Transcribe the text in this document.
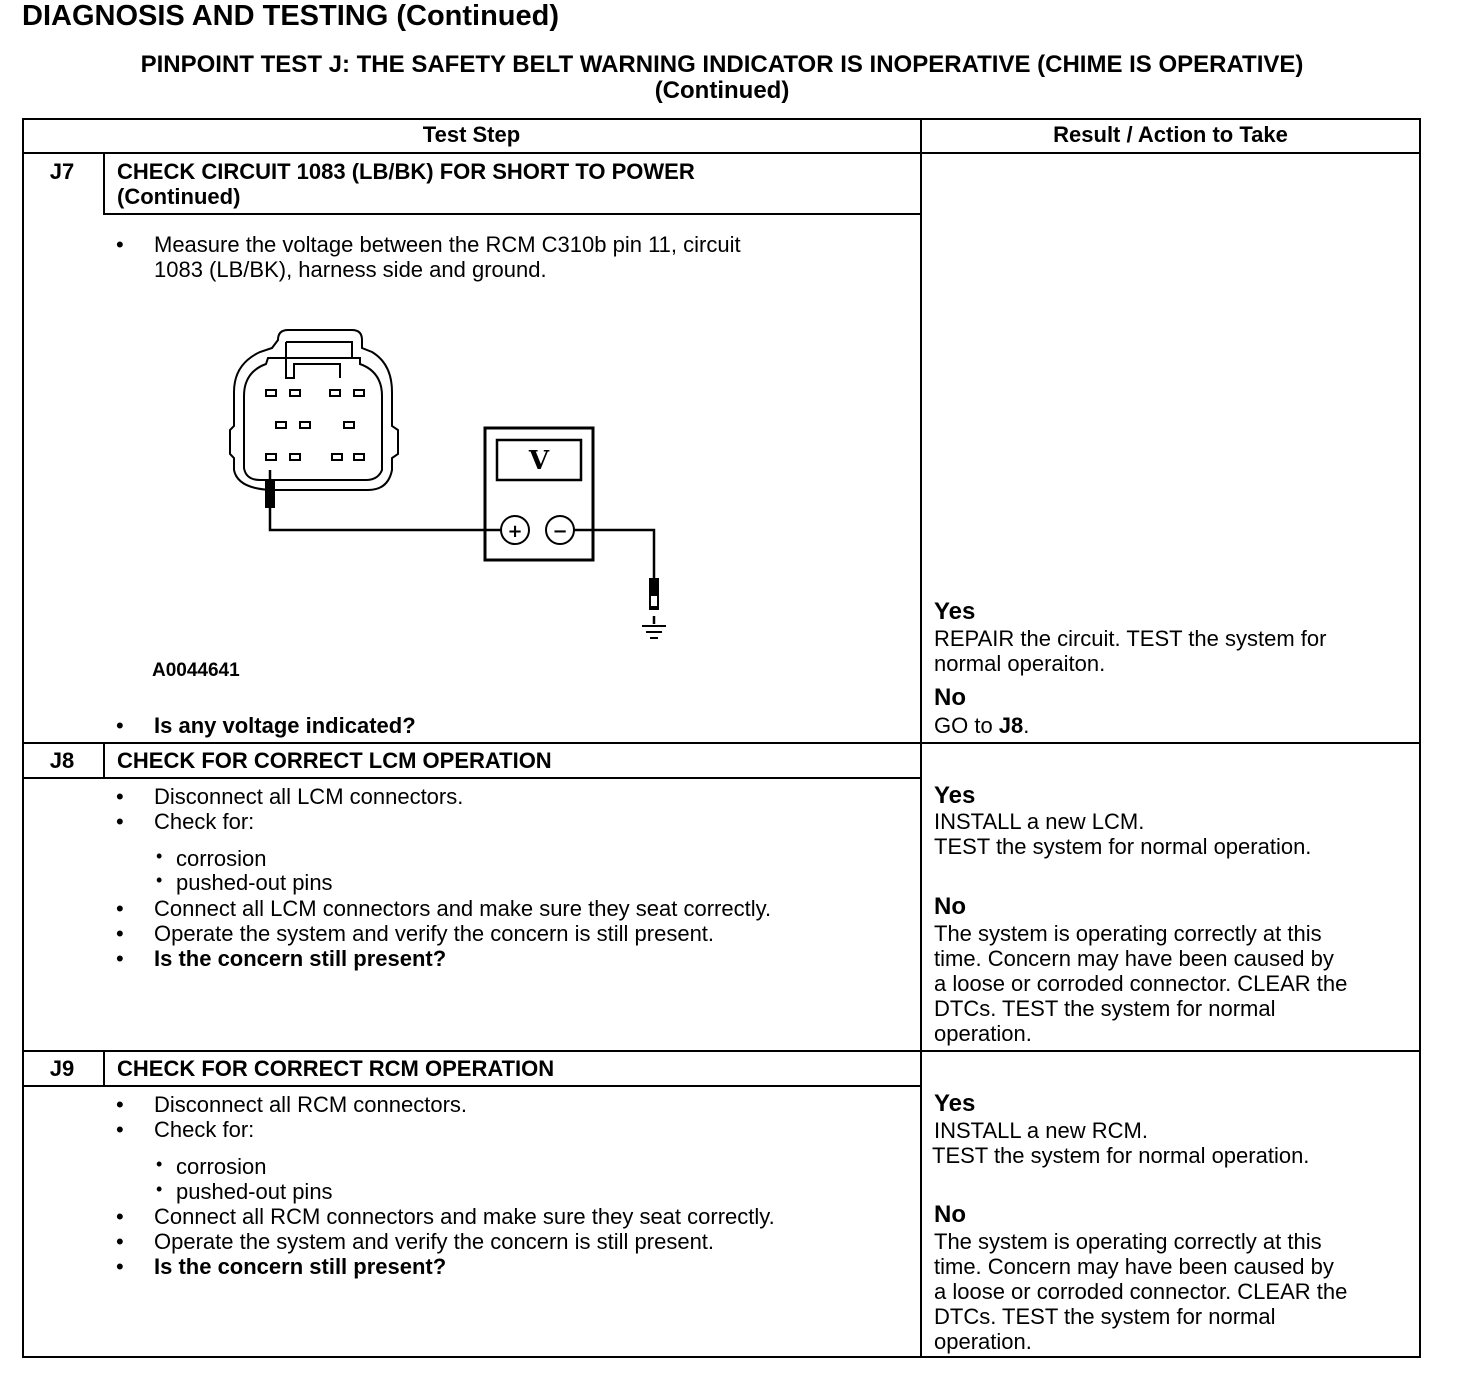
DIAGNOSIS AND TESTING (Continued)
PINPOINT TEST J: THE SAFETY BELT WARNING INDICATOR IS INOPERATIVE (CHIME IS OPERATIVE)
(Continued)
Test Step	Result / Action to Take
J7	CHECK CIRCUIT 1083 (LB/BK) FOR SHORT TO POWER
(Continued)
• Measure the voltage between the RCM C310b pin 11, circuit
1083 (LB/BK), harness side and ground.
V
+ −
A0044641
• Is any voltage indicated?
Yes
REPAIR the circuit. TEST the system for
normal operaiton.
No
GO to J8.
J8	CHECK FOR CORRECT LCM OPERATION
• Disconnect all LCM connectors.
• Check for:
• corrosion
• pushed-out pins
• Connect all LCM connectors and make sure they seat correctly.
• Operate the system and verify the concern is still present.
• Is the concern still present?
Yes
INSTALL a new LCM.
TEST the system for normal operation.
No
The system is operating correctly at this
time. Concern may have been caused by
a loose or corroded connector. CLEAR the
DTCs. TEST the system for normal
operation.
J9	CHECK FOR CORRECT RCM OPERATION
• Disconnect all RCM connectors.
• Check for:
• corrosion
• pushed-out pins
• Connect all RCM connectors and make sure they seat correctly.
• Operate the system and verify the concern is still present.
• Is the concern still present?
Yes
INSTALL a new RCM.
TEST the system for normal operation.
No
The system is operating correctly at this
time. Concern may have been caused by
a loose or corroded connector. CLEAR the
DTCs. TEST the system for normal
operation.
